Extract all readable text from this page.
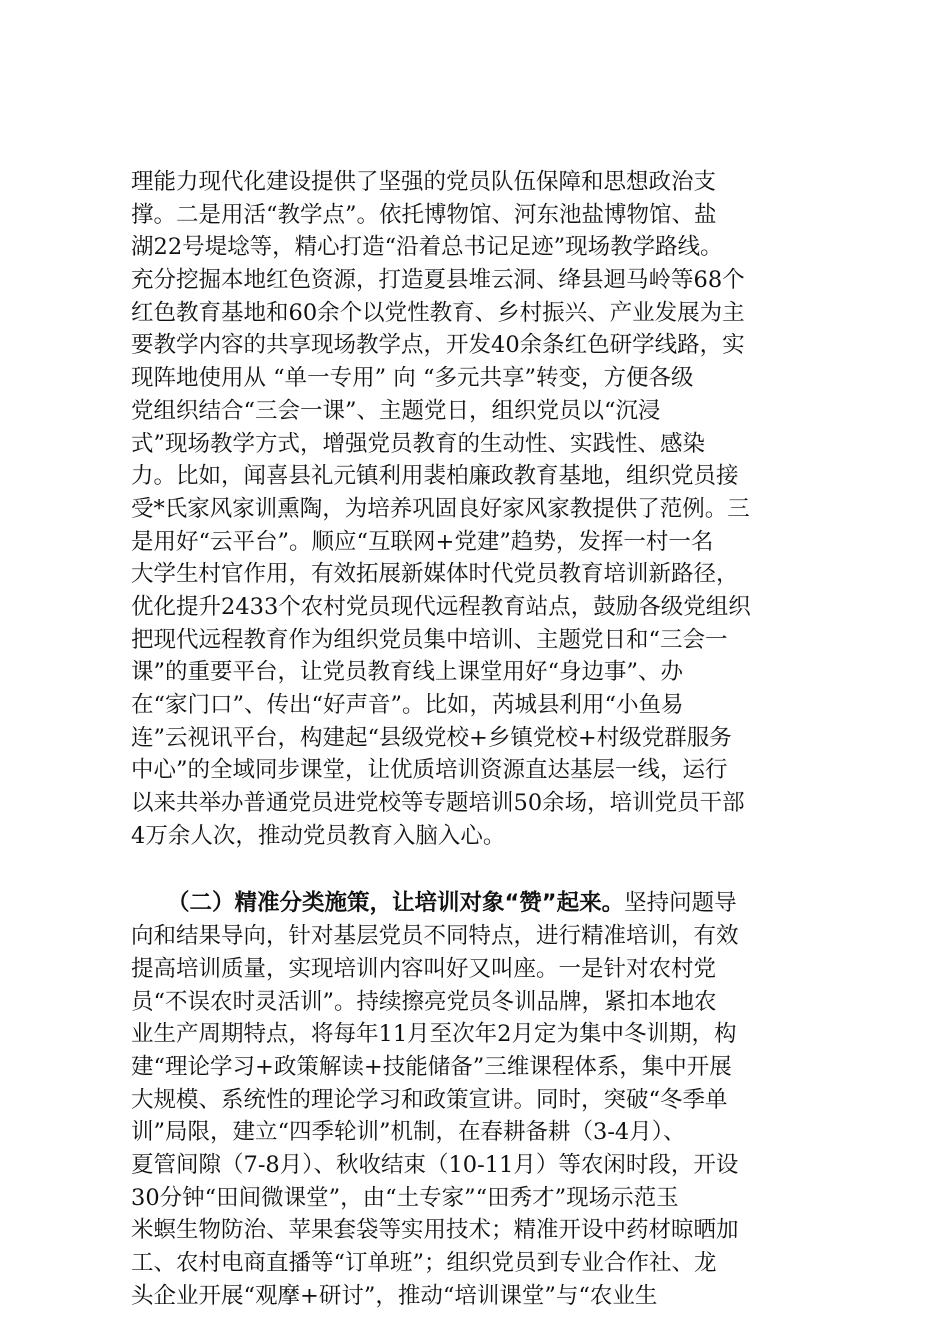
理能力现代化建设提供了坚强的党员队伍保障和思想政治支
撑。二是用活“教学点”。依托博物馆、河东池盐博物馆、盐
湖22号堤埝等，精心打造“沿着总书记足迹”现场教学路线。
充分挖掘本地红色资源，打造夏县堆云洞、绛县迴马岭等68个
红色教育基地和60余个以党性教育、乡村振兴、产业发展为主
要教学内容的共享现场教学点，开发40余条红色研学线路，实
现阵地使用从 “单一专用” 向 “多元共享”转变，方便各级
党组织结合“三会一课”、主题党日，组织党员以“沉浸
式”现场教学方式，增强党员教育的生动性、实践性、感染
力。比如，闻喜县礼元镇利用裴柏廉政教育基地，组织党员接
受*氏家风家训熏陶，为培养巩固良好家风家教提供了范例。三
是用好“云平台”。顺应“互联网+党建”趋势，发挥一村一名
大学生村官作用，有效拓展新媒体时代党员教育培训新路径，
优化提升2433个农村党员现代远程教育站点，鼓励各级党组织
把现代远程教育作为组织党员集中培训、主题党日和“三会一
课”的重要平台，让党员教育线上课堂用好“身边事”、办
在“家门口”、传出“好声音”。比如，芮城县利用“小鱼易
连”云视讯平台，构建起“县级党校+乡镇党校+村级党群服务
中心”的全域同步课堂，让优质培训资源直达基层一线，运行
以来共举办普通党员进党校等专题培训50余场，培训党员干部
4万余人次，推动党员教育入脑入心。
（二）精准分类施策，让培训对象“赞”起来。坚持问题导
向和结果导向，针对基层党员不同特点，进行精准培训，有效
提高培训质量，实现培训内容叫好又叫座。一是针对农村党
员“不误农时灵活训”。持续擦亮党员冬训品牌，紧扣本地农
业生产周期特点，将每年11月至次年2月定为集中冬训期，构
建“理论学习+政策解读+技能储备”三维课程体系，集中开展
大规模、系统性的理论学习和政策宣讲。同时，突破“冬季单
训”局限，建立“四季轮训”机制，在春耕备耕（3-4月）、
夏管间隙（7-8月）、秋收结束（10-11月）等农闲时段，开设
30分钟“田间微课堂”，由“土专家”“田秀才”现场示范玉
米螟生物防治、苹果套袋等实用技术；精准开设中药材晾晒加
工、农村电商直播等“订单班”；组织党员到专业合作社、龙
头企业开展“观摩+研讨”，推动“培训课堂”与“农业生
